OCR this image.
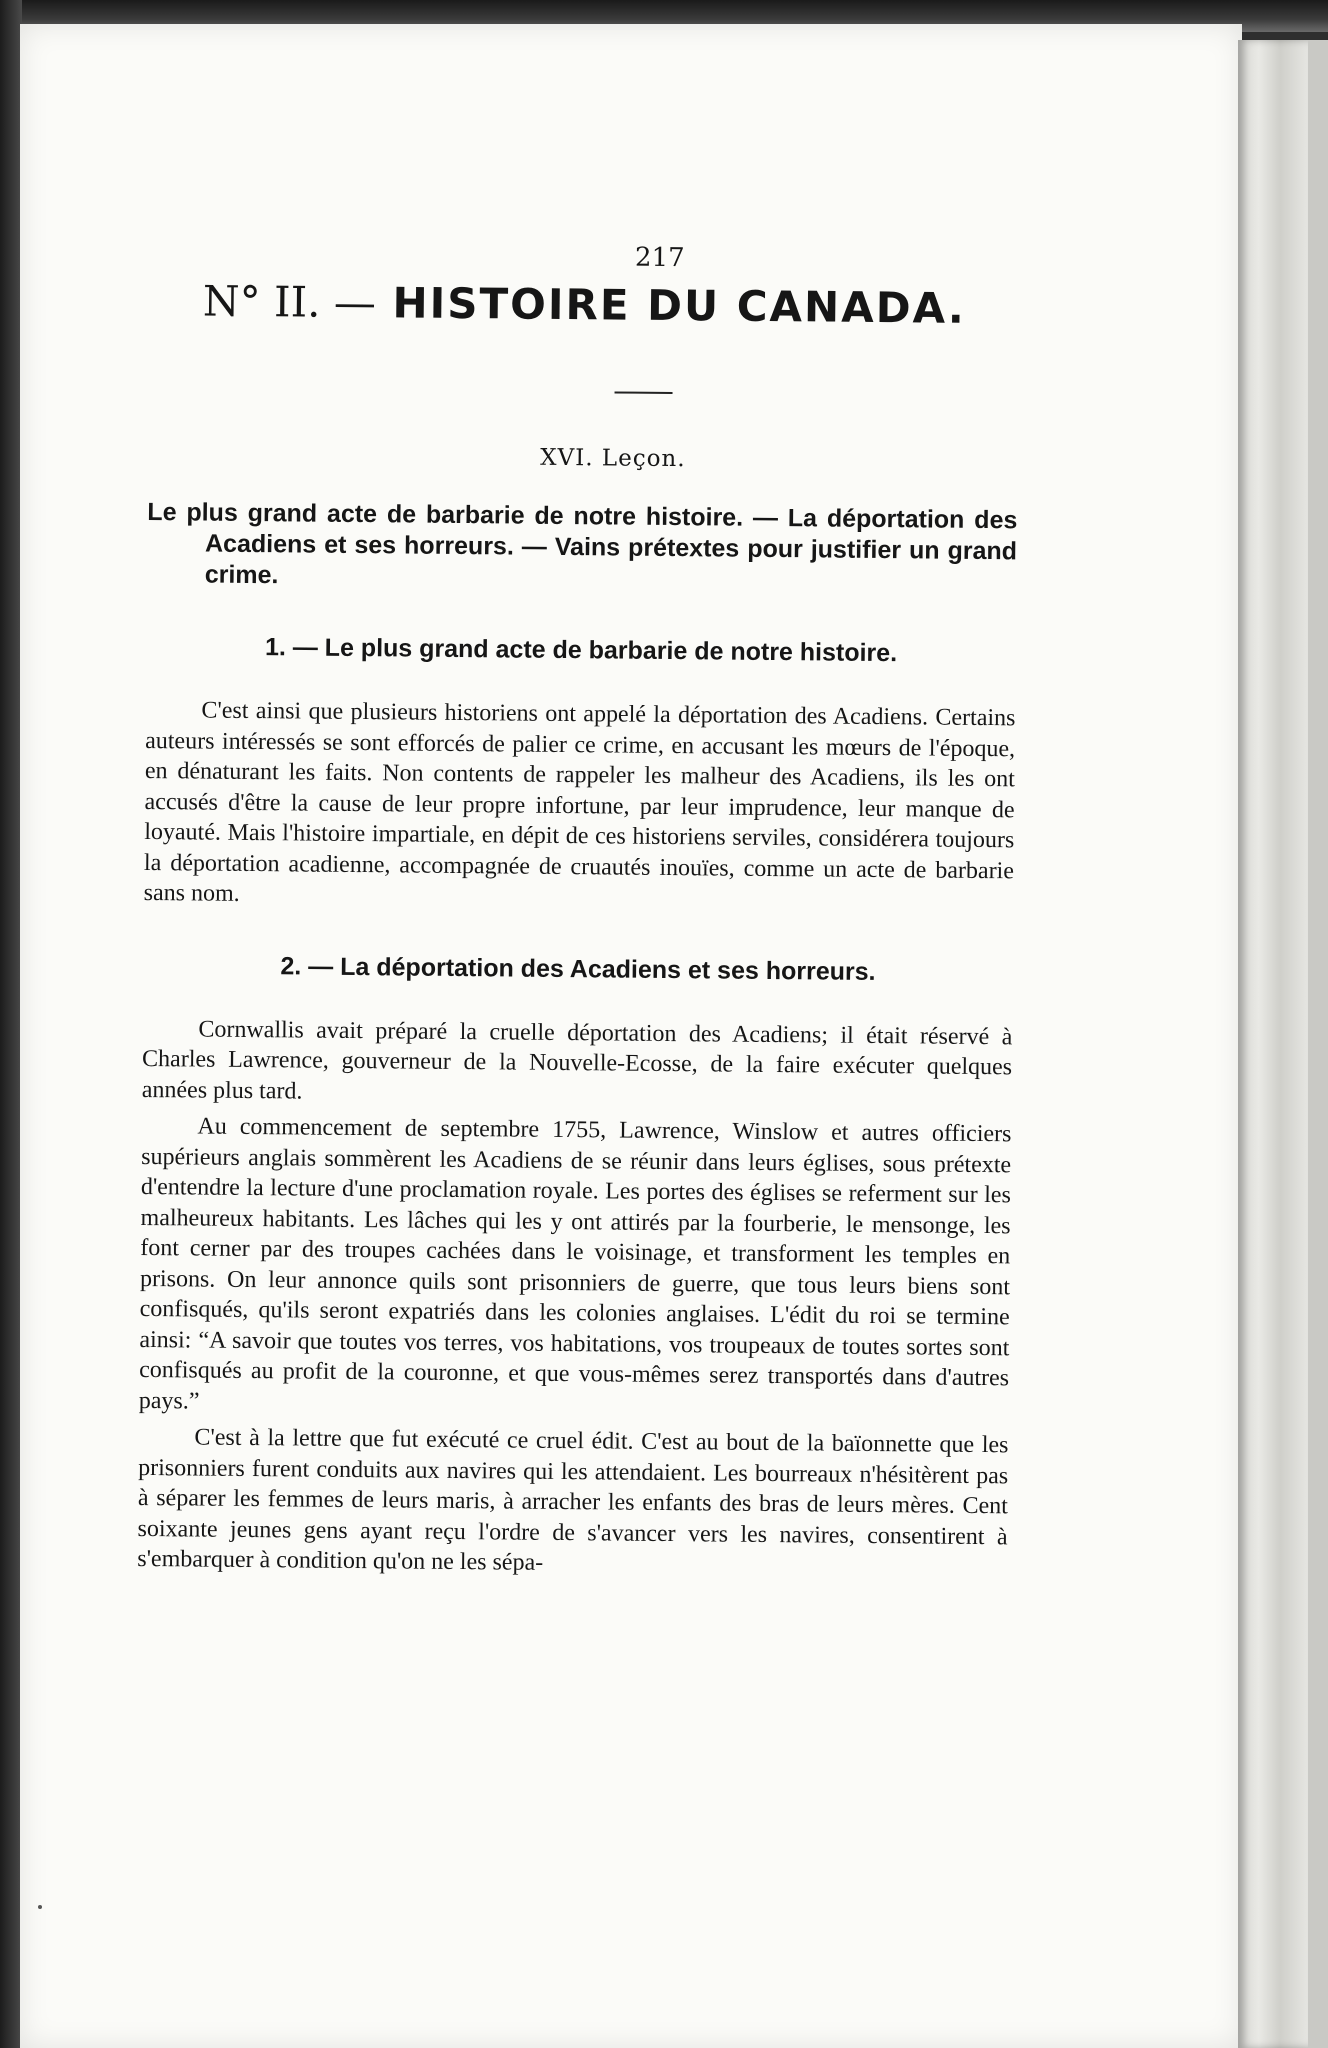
217
N° II. — HISTOIRE DU CANADA.
XVI. Leçon.

Le plus grand acte de barbarie de notre histoire. — La déportation des Acadiens et ses horreurs. — Vains prétextes pour justifier un grand crime.

1. — Le plus grand acte de barbarie de notre histoire.

C'est ainsi que plusieurs historiens ont appelé la déportation des Acadiens. Certains auteurs intéressés se sont efforcés de palier ce crime, en accusant les mœurs de l'époque, en dénaturant les faits. Non contents de rappeler les malheur des Acadiens, ils les ont accusés d'être la cause de leur propre infortune, par leur imprudence, leur manque de loyauté. Mais l'histoire impartiale, en dépit de ces historiens serviles, considérera toujours la déportation acadienne, accompagnée de cruautés inouïes, comme un acte de barbarie sans nom.

2. — La déportation des Acadiens et ses horreurs.

Cornwallis avait préparé la cruelle déportation des Acadiens; il était réservé à Charles Lawrence, gouverneur de la Nouvelle-Ecosse, de la faire exécuter quelques années plus tard.

Au commencement de septembre 1755, Lawrence, Winslow et autres officiers supérieurs anglais sommèrent les Acadiens de se réunir dans leurs églises, sous prétexte d'entendre la lecture d'une proclamation royale. Les portes des églises se referment sur les malheureux habitants. Les lâches qui les y ont attirés par la fourberie, le mensonge, les font cerner par des troupes cachées dans le voisinage, et transforment les temples en prisons. On leur annonce quils sont prisonniers de guerre, que tous leurs biens sont confisqués, qu'ils seront expatriés dans les colonies anglaises. L'édit du roi se termine ainsi: “A savoir que toutes vos terres, vos habitations, vos troupeaux de toutes sortes sont confisqués au profit de la couronne, et que vous-mêmes serez transportés dans d'autres pays.”

C'est à la lettre que fut exécuté ce cruel édit. C'est au bout de la baïonnette que les prisonniers furent conduits aux navires qui les attendaient. Les bourreaux n'hésitèrent pas à séparer les femmes de leurs maris, à arracher les enfants des bras de leurs mères. Cent soixante jeunes gens ayant reçu l'ordre de s'avancer vers les navires, consentirent à s'embarquer à condition qu'on ne les sépa-
